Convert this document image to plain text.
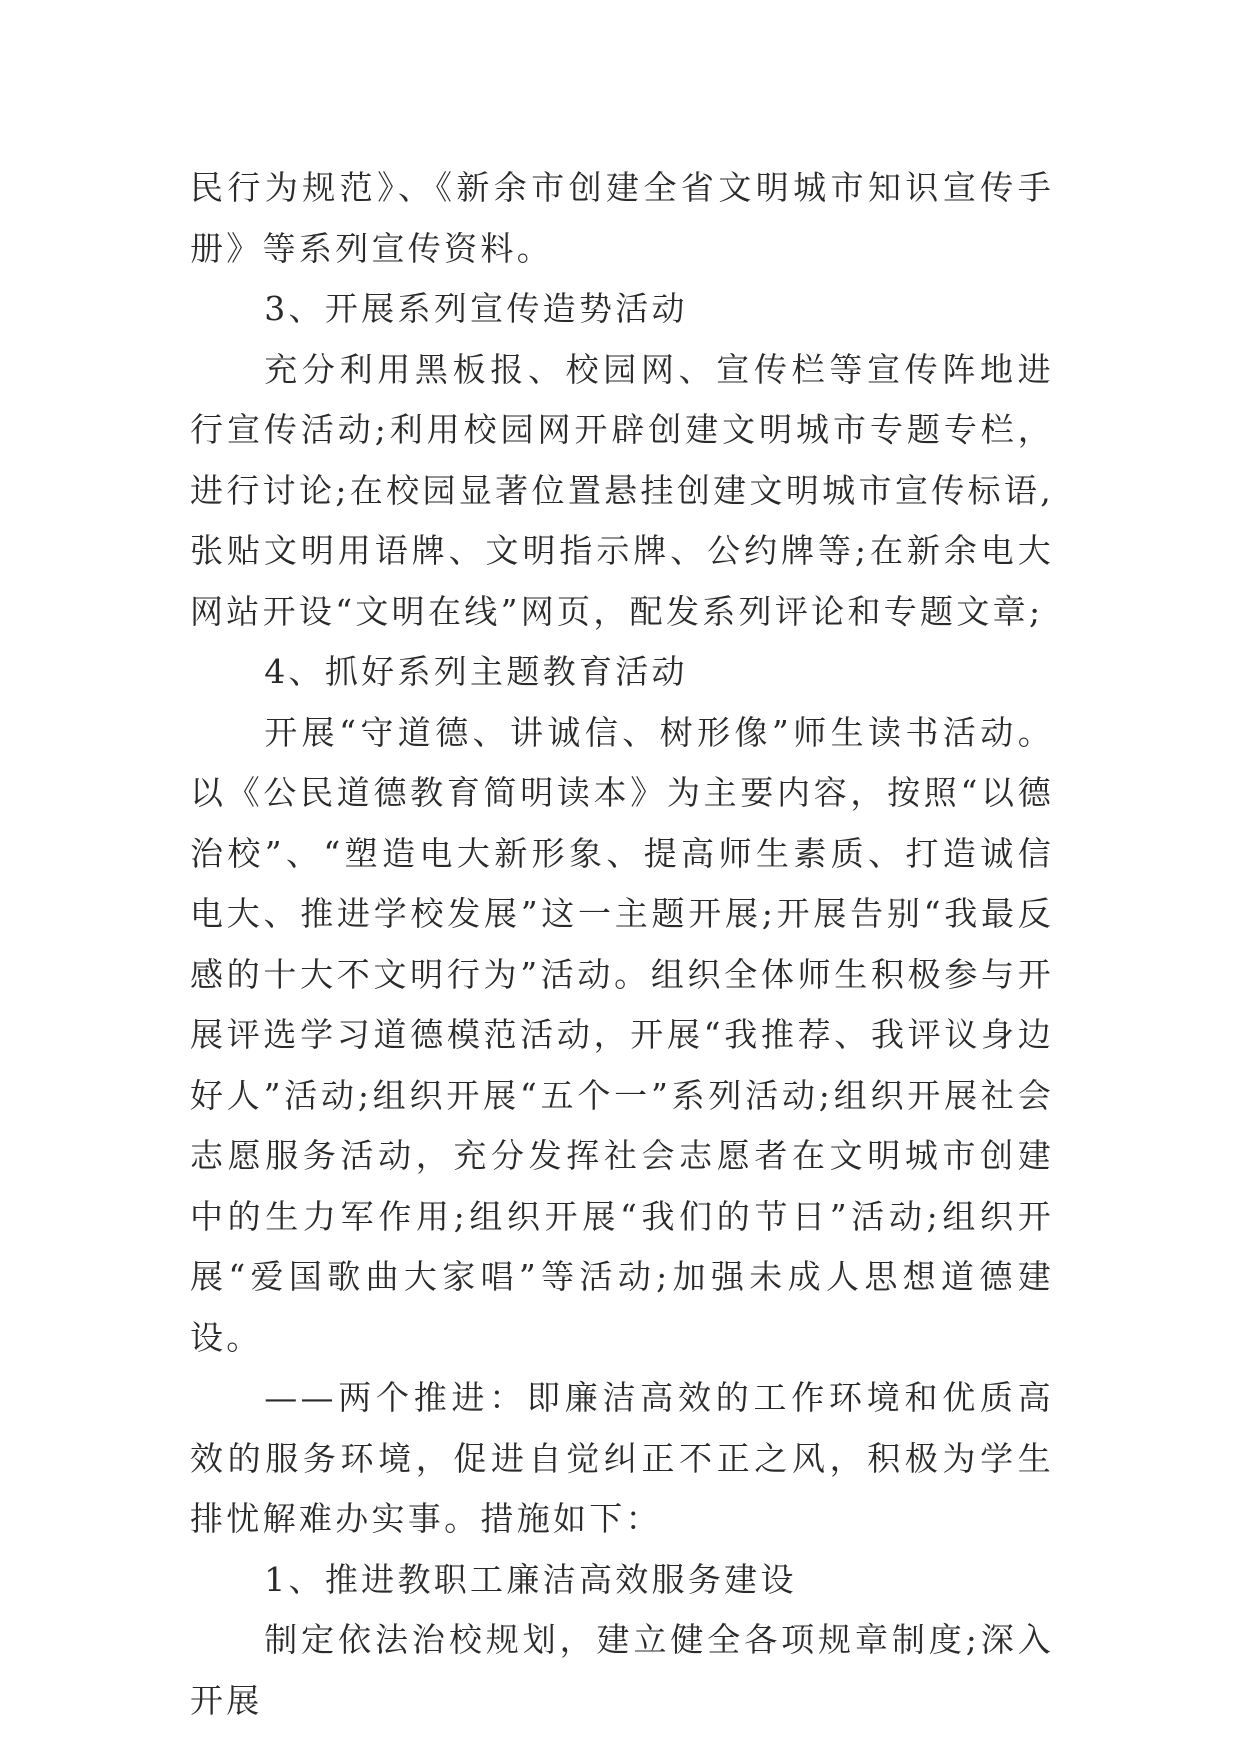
民行为规范》、《新余市创建全省文明城市知识宣传手册》等系列宣传资料。

3、开展系列宣传造势活动

充分利用黑板报、校园网、宣传栏等宣传阵地进行宣传活动;利用校园网开辟创建文明城市专题专栏，进行讨论;在校园显著位置悬挂创建文明城市宣传标语,张贴文明用语牌、文明指示牌、公约牌等;在新余电大网站开设“文明在线”网页，配发系列评论和专题文章;

4、抓好系列主题教育活动

开展“守道德、讲诚信、树形像”师生读书活动。以《公民道德教育简明读本》为主要内容，按照“以德治校”、“塑造电大新形象、提高师生素质、打造诚信电大、推进学校发展”这一主题开展;开展告别“我最反感的十大不文明行为”活动。组织全体师生积极参与开展评选学习道德模范活动，开展“我推荐、我评议身边好人”活动;组织开展“五个一”系列活动;组织开展社会志愿服务活动，充分发挥社会志愿者在文明城市创建中的生力军作用;组织开展“我们的节日”活动;组织开展“爱国歌曲大家唱”等活动;加强未成人思想道德建设。

——两个推进：即廉洁高效的工作环境和优质高效的服务环境，促进自觉纠正不正之风，积极为学生排忧解难办实事。措施如下：

1、推进教职工廉洁高效服务建设

制定依法治校规划，建立健全各项规章制度;深入开展
